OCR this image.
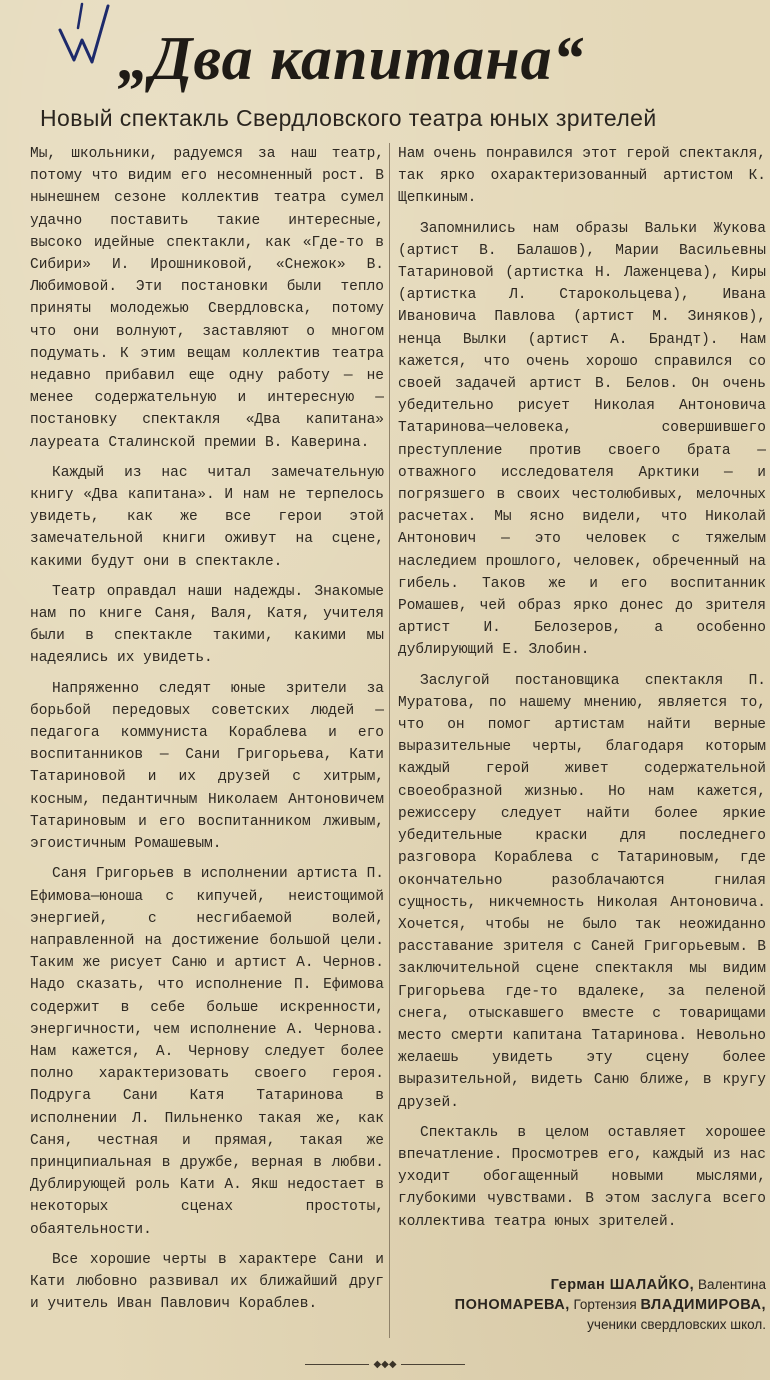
„Два капитана“
Новый спектакль Свердловского театра юных зрителей

Мы, школьники, радуемся за наш театр, потому что видим его несомненный рост. В нынешнем сезоне коллектив театра сумел удачно поставить такие интересные, высоко идейные спектакли, как «Где-то в Сибири» И. Ирошниковой, «Снежок» В. Любимовой. Эти постановки были тепло приняты молодежью Свердловска, потому что они волнуют, заставляют о многом подумать. К этим вещам коллектив театра недавно прибавил еще одну работу — не менее содержательную и интересную — постановку спектакля «Два капитана» лауреата Сталинской премии В. Каверина.

Каждый из нас читал замечательную книгу «Два капитана». И нам не терпелось увидеть, как же все герои этой замечательной книги оживут на сцене, какими будут они в спектакле.

Театр оправдал наши надежды. Знакомые нам по книге Саня, Валя, Катя, учителя были в спектакле такими, какими мы надеялись их увидеть.

Напряженно следят юные зрители за борьбой передовых советских людей — педагога коммуниста Кораблева и его воспитанников — Сани Григорьева, Кати Татариновой и их друзей с хитрым, косным, педантичным Николаем Антоновичем Татариновым и его воспитанником лживым, эгоистичным Ромашевым.

Саня Григорьев в исполнении артиста П. Ефимова—юноша с кипучей, неистощимой энергией, с несгибаемой волей, направленной на достижение большой цели. Таким же рисует Саню и артист А. Чернов. Надо сказать, что исполнение П. Ефимова содержит в себе больше искренности, энергичности, чем исполнение А. Чернова. Нам кажется, А. Чернову следует более полно характеризовать своего героя. Подруга Сани Катя Татаринова в исполнении Л. Пильненко такая же, как Саня, честная и прямая, такая же принципиальная в дружбе, верная в любви. Дублирующей роль Кати А. Якш недостает в некоторых сценах простоты, обаятельности.

Все хорошие черты в характере Сани и Кати любовно развивал их ближайший друг и учитель Иван Павлович Кораблев.

Нам очень понравился этот герой спектакля, так ярко охарактеризованный артистом К. Щепкиным.

Запомнились нам образы Вальки Жукова (артист В. Балашов), Марии Васильевны Татариновой (артистка Н. Лаженцева), Киры (артистка Л. Старокольцева), Ивана Ивановича Павлова (артист М. Зиняков), ненца Вылки (артист А. Брандт). Нам кажется, что очень хорошо справился со своей задачей артист В. Белов. Он очень убедительно рисует Николая Антоновича Татаринова—человека, совершившего преступление против своего брата — отважного исследователя Арктики — и погрязшего в своих честолюбивых, мелочных расчетах. Мы ясно видели, что Николай Антонович — это человек с тяжелым наследием прошлого, человек, обреченный на гибель. Таков же и его воспитанник Ромашев, чей образ ярко донес до зрителя артист И. Белозеров, а особенно дублирующий Е. Злобин.

Заслугой постановщика спектакля П. Муратова, по нашему мнению, является то, что он помог артистам найти верные выразительные черты, благодаря которым каждый герой живет содержательной своеобразной жизнью. Но нам кажется, режиссеру следует найти более яркие убедительные краски для последнего разговора Кораблева с Татариновым, где окончательно разоблачаются гнилая сущность, никчемность Николая Антоновича. Хочется, чтобы не было так неожиданно расставание зрителя с Саней Григорьевым. В заключительной сцене спектакля мы видим Григорьева где-то вдалеке, за пеленой снега, отыскавшего вместе с товарищами место смерти капитана Татаринова. Невольно желаешь увидеть эту сцену более выразительной, видеть Саню ближе, в кругу друзей.

Спектакль в целом оставляет хорошее впечатление. Просмотрев его, каждый из нас уходит обогащенный новыми мыслями, глубокими чувствами. В этом заслуга всего коллектива театра юных зрителей.

Герман ШАЛАЙКО, Валентина
ПОНОМАРЕВА, Гортензия ВЛАДИМИРОВА, ученики свердловских школ.
◆◆◆
